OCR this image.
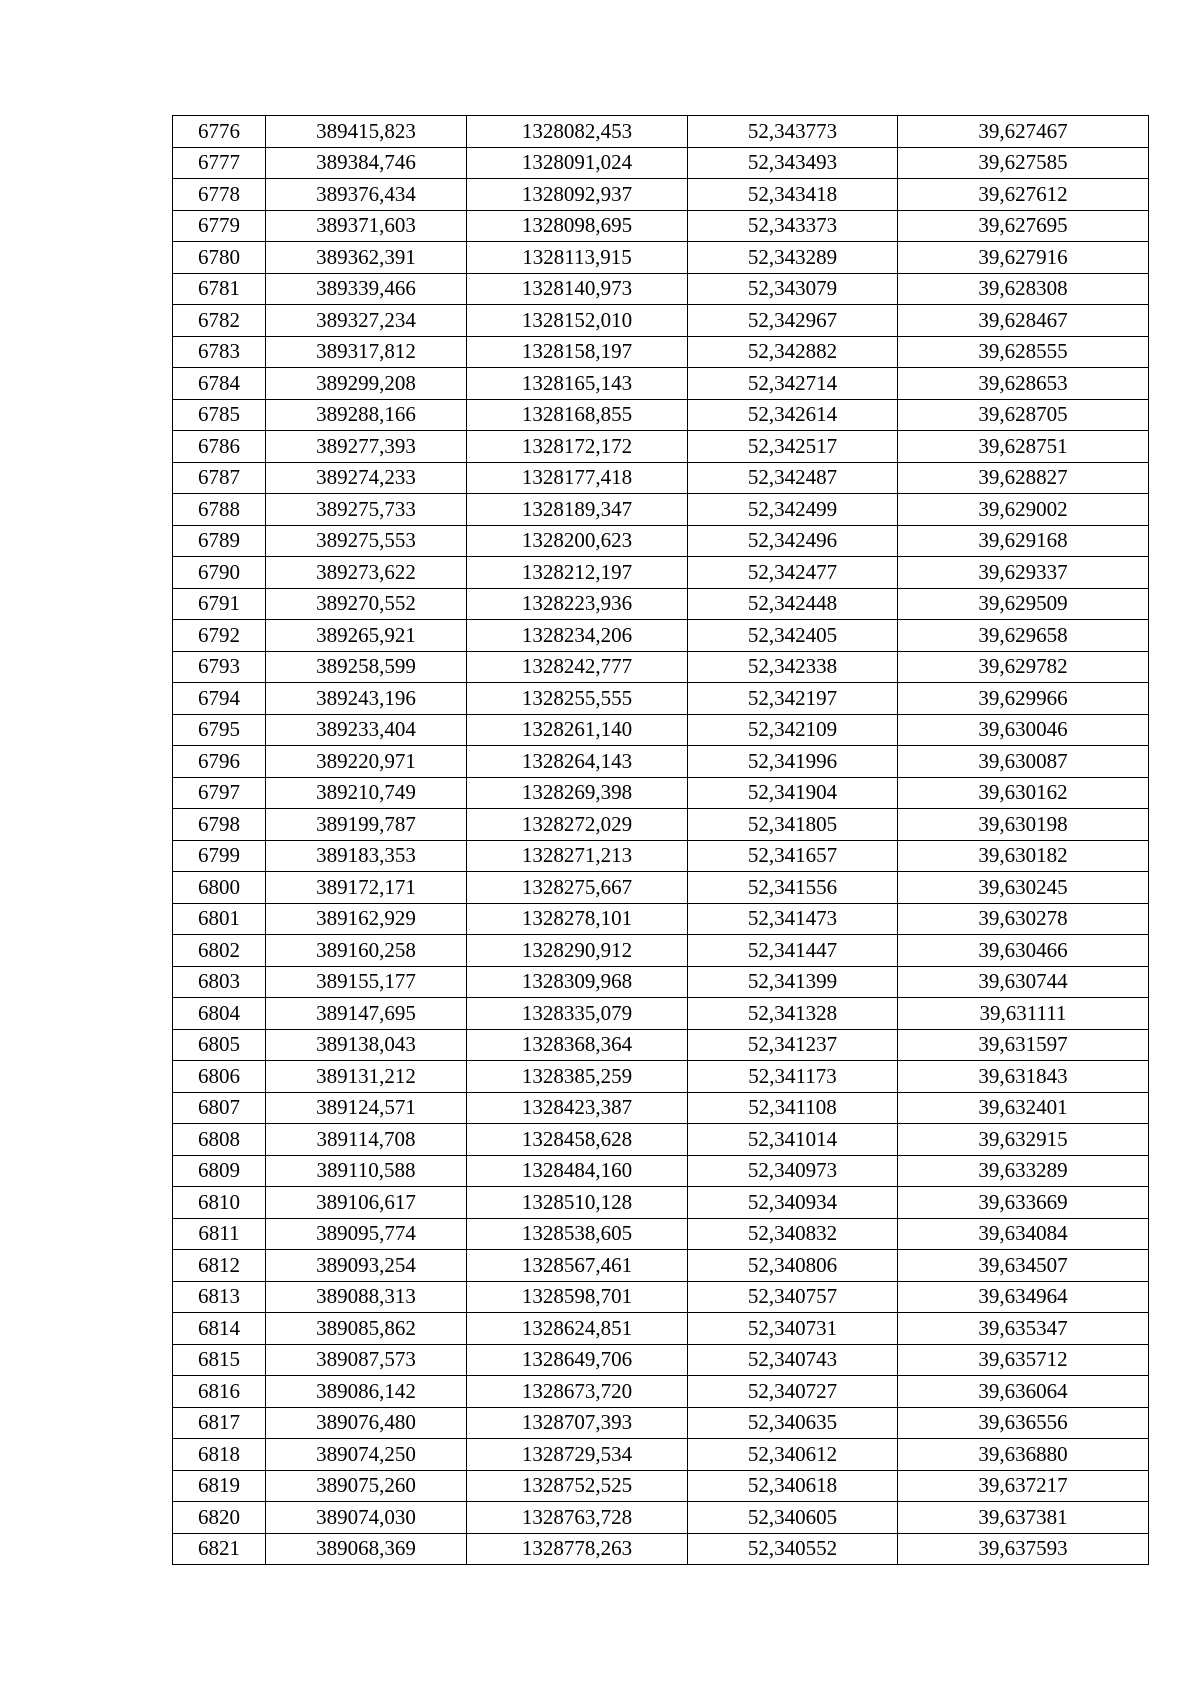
6776	389415,823	1328082,453	52,343773	39,627467
6777	389384,746	1328091,024	52,343493	39,627585
6778	389376,434	1328092,937	52,343418	39,627612
6779	389371,603	1328098,695	52,343373	39,627695
6780	389362,391	1328113,915	52,343289	39,627916
6781	389339,466	1328140,973	52,343079	39,628308
6782	389327,234	1328152,010	52,342967	39,628467
6783	389317,812	1328158,197	52,342882	39,628555
6784	389299,208	1328165,143	52,342714	39,628653
6785	389288,166	1328168,855	52,342614	39,628705
6786	389277,393	1328172,172	52,342517	39,628751
6787	389274,233	1328177,418	52,342487	39,628827
6788	389275,733	1328189,347	52,342499	39,629002
6789	389275,553	1328200,623	52,342496	39,629168
6790	389273,622	1328212,197	52,342477	39,629337
6791	389270,552	1328223,936	52,342448	39,629509
6792	389265,921	1328234,206	52,342405	39,629658
6793	389258,599	1328242,777	52,342338	39,629782
6794	389243,196	1328255,555	52,342197	39,629966
6795	389233,404	1328261,140	52,342109	39,630046
6796	389220,971	1328264,143	52,341996	39,630087
6797	389210,749	1328269,398	52,341904	39,630162
6798	389199,787	1328272,029	52,341805	39,630198
6799	389183,353	1328271,213	52,341657	39,630182
6800	389172,171	1328275,667	52,341556	39,630245
6801	389162,929	1328278,101	52,341473	39,630278
6802	389160,258	1328290,912	52,341447	39,630466
6803	389155,177	1328309,968	52,341399	39,630744
6804	389147,695	1328335,079	52,341328	39,631111
6805	389138,043	1328368,364	52,341237	39,631597
6806	389131,212	1328385,259	52,341173	39,631843
6807	389124,571	1328423,387	52,341108	39,632401
6808	389114,708	1328458,628	52,341014	39,632915
6809	389110,588	1328484,160	52,340973	39,633289
6810	389106,617	1328510,128	52,340934	39,633669
6811	389095,774	1328538,605	52,340832	39,634084
6812	389093,254	1328567,461	52,340806	39,634507
6813	389088,313	1328598,701	52,340757	39,634964
6814	389085,862	1328624,851	52,340731	39,635347
6815	389087,573	1328649,706	52,340743	39,635712
6816	389086,142	1328673,720	52,340727	39,636064
6817	389076,480	1328707,393	52,340635	39,636556
6818	389074,250	1328729,534	52,340612	39,636880
6819	389075,260	1328752,525	52,340618	39,637217
6820	389074,030	1328763,728	52,340605	39,637381
6821	389068,369	1328778,263	52,340552	39,637593
